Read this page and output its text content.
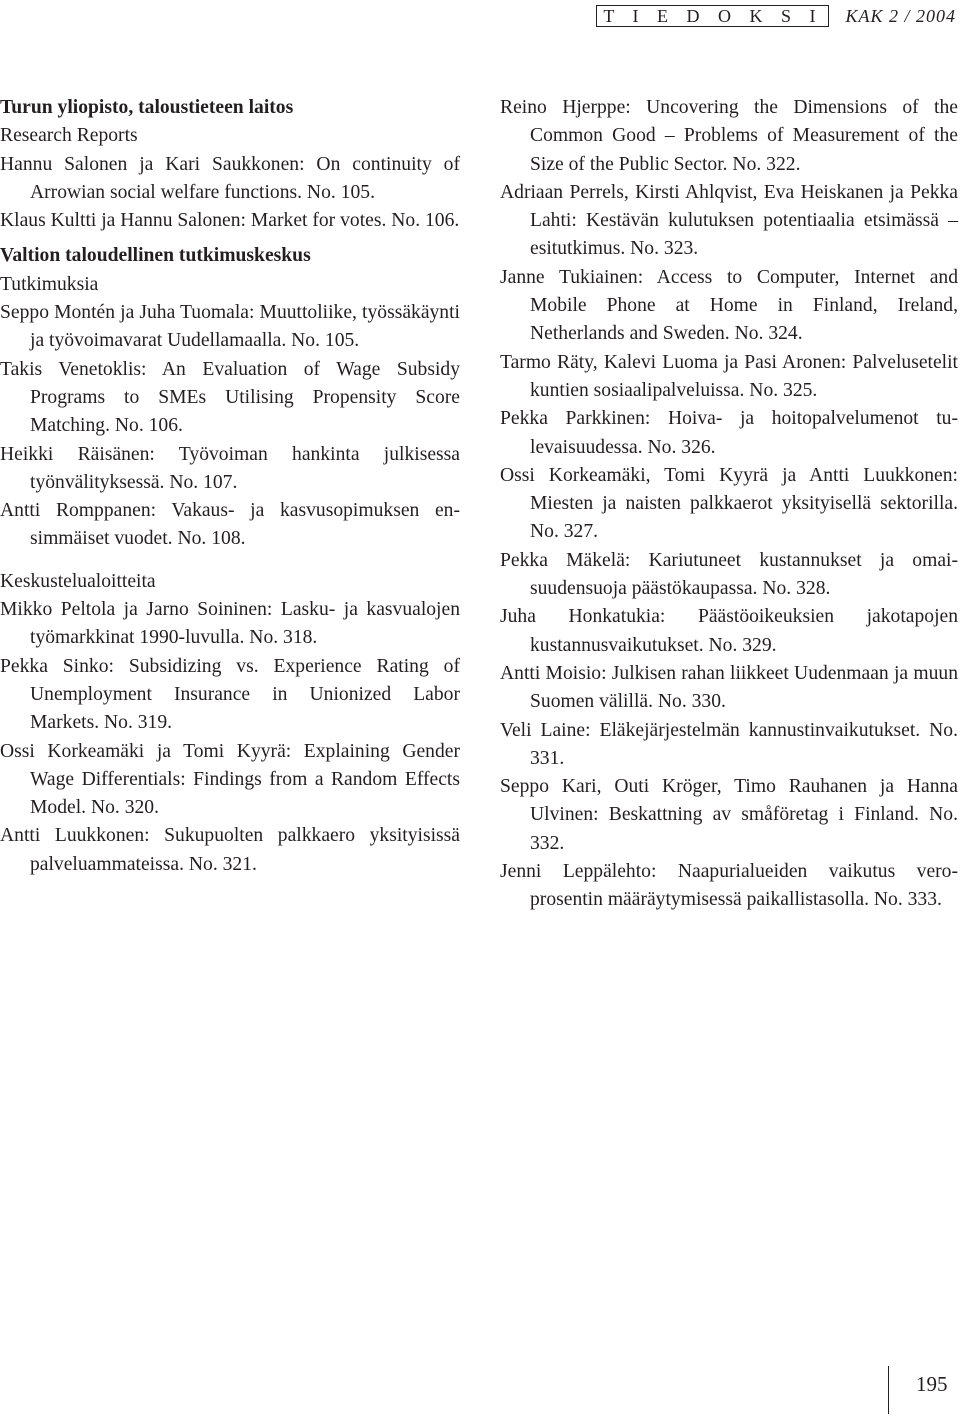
T I E D O K S I	KAK 2 / 2004
Turun yliopisto, taloustieteen laitos
Research Reports
Hannu Salonen ja Kari Saukkonen: On continuity of Arrowian social welfare functions. No. 105.
Klaus Kultti ja Hannu Salonen: Market for votes. No. 106.
Valtion taloudellinen tutkimuskeskus
Tutkimuksia
Seppo Montén ja Juha Tuomala: Muuttoliike, työssäkäynti ja työvoimavarat Uudellamaalla. No. 105.
Takis Venetoklis: An Evaluation of Wage Subsidy Programs to SMEs Utilising Propensity Score Matching. No. 106.
Heikki Räisänen: Työvoiman hankinta julkisessa työnvälityksessä. No. 107.
Antti Romppanen: Vakaus- ja kasvusopimuksen ensimmäiset vuodet. No. 108.
Keskustelualoitteita
Mikko Peltola ja Jarno Soininen: Lasku- ja kasvualojen työmarkkinat 1990-luvulla. No. 318.
Pekka Sinko: Subsidizing vs. Experience Rating of Unemployment Insurance in Unionized Labor Markets. No. 319.
Ossi Korkeamäki ja Tomi Kyyrä: Explaining Gender Wage Differentials: Findings from a Random Effects Model. No. 320.
Antti Luukkonen: Sukupuolten palkkaero yksityisissä palveluammateissa. No. 321.
Reino Hjerppe: Uncovering the Dimensions of the Common Good – Problems of Measurement of the Size of the Public Sector. No. 322.
Adriaan Perrels, Kirsti Ahlqvist, Eva Heiskanen ja Pekka Lahti: Kestävän kulutuksen potentiaalia etsimässä – esitutkimus. No. 323.
Janne Tukiainen: Access to Computer, Internet and Mobile Phone at Home in Finland, Ireland, Netherlands and Sweden. No. 324.
Tarmo Räty, Kalevi Luoma ja Pasi Aronen: Palvelusetelit kuntien sosiaalipalveluissa. No. 325.
Pekka Parkkinen: Hoiva- ja hoitopalvelumenot tulevaisuudessa. No. 326.
Ossi Korkeamäki, Tomi Kyyrä ja Antti Luukkonen: Miesten ja naisten palkkaerot yksityisellä sektorilla. No. 327.
Pekka Mäkelä: Kariutuneet kustannukset ja omaisuudensuoja päästökaupassa. No. 328.
Juha Honkatukia: Päästöoikeuksien jakotapojen kustannusvaikutukset. No. 329.
Antti Moisio: Julkisen rahan liikkeet Uudenmaan ja muun Suomen välillä. No. 330.
Veli Laine: Eläkejärjestelmän kannustinvaikutukset. No. 331.
Seppo Kari, Outi Kröger, Timo Rauhanen ja Hanna Ulvinen: Beskattning av småföretag i Finland. No. 332.
Jenni Leppälehto: Naapurialueiden vaikutus veroprosentin määräytymisessä paikallistasolla. No. 333.
195
